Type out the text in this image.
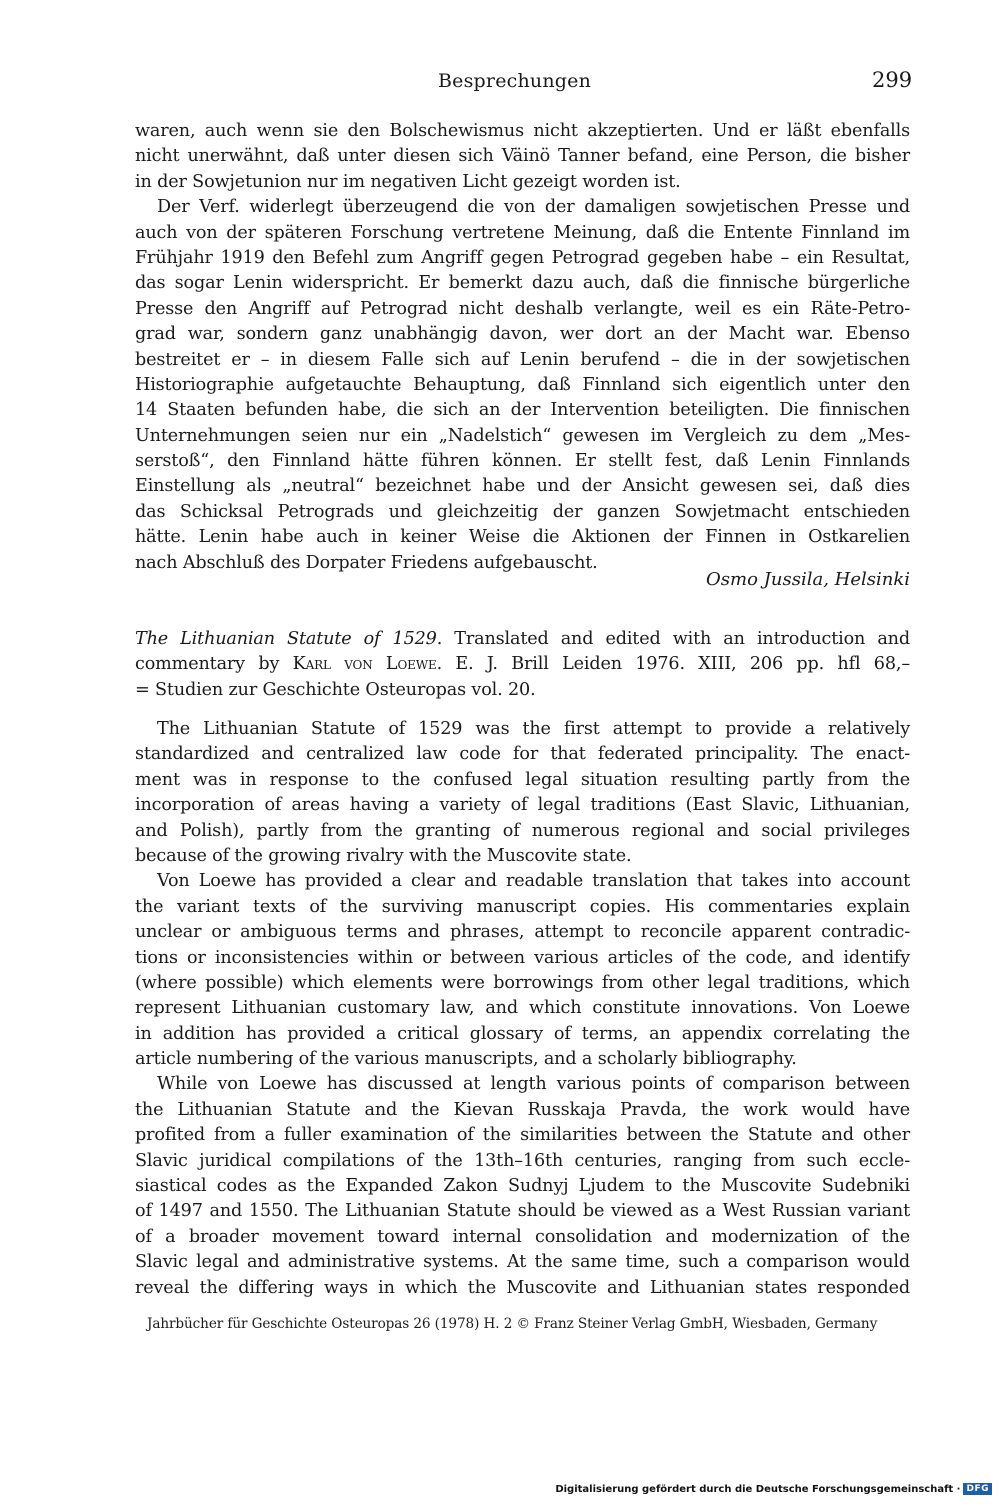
Besprechungen	299
waren, auch wenn sie den Bolschewismus nicht akzeptierten. Und er läßt ebenfalls
nicht unerwähnt, daß unter diesen sich Väinö Tanner befand, eine Person, die bisher
in der Sowjetunion nur im negativen Licht gezeigt worden ist.
Der Verf. widerlegt überzeugend die von der damaligen sowjetischen Presse und
auch von der späteren Forschung vertretene Meinung, daß die Entente Finnland im
Frühjahr 1919 den Befehl zum Angriff gegen Petrograd gegeben habe – ein Resultat,
das sogar Lenin widerspricht. Er bemerkt dazu auch, daß die finnische bürgerliche
Presse den Angriff auf Petrograd nicht deshalb verlangte, weil es ein Räte-Petro-
grad war, sondern ganz unabhängig davon, wer dort an der Macht war. Ebenso
bestreitet er – in diesem Falle sich auf Lenin berufend – die in der sowjetischen
Historiographie aufgetauchte Behauptung, daß Finnland sich eigentlich unter den
14 Staaten befunden habe, die sich an der Intervention beteiligten. Die finnischen
Unternehmungen seien nur ein „Nadelstich“ gewesen im Vergleich zu dem „Mes-
serstoß“, den Finnland hätte führen können. Er stellt fest, daß Lenin Finnlands
Einstellung als „neutral“ bezeichnet habe und der Ansicht gewesen sei, daß dies
das Schicksal Petrograds und gleichzeitig der ganzen Sowjetmacht entschieden
hätte. Lenin habe auch in keiner Weise die Aktionen der Finnen in Ostkarelien
nach Abschluß des Dorpater Friedens aufgebauscht.
Osmo Jussila, Helsinki
The Lithuanian Statute of 1529. Translated and edited with an introduction and
commentary by Karl von Loewe. E. J. Brill Leiden 1976. XIII, 206 pp. hfl 68,–
= Studien zur Geschichte Osteuropas vol. 20.
The Lithuanian Statute of 1529 was the first attempt to provide a relatively
standardized and centralized law code for that federated principality. The enact-
ment was in response to the confused legal situation resulting partly from the
incorporation of areas having a variety of legal traditions (East Slavic, Lithuanian,
and Polish), partly from the granting of numerous regional and social privileges
because of the growing rivalry with the Muscovite state.
Von Loewe has provided a clear and readable translation that takes into account
the variant texts of the surviving manuscript copies. His commentaries explain
unclear or ambiguous terms and phrases, attempt to reconcile apparent contradic-
tions or inconsistencies within or between various articles of the code, and identify
(where possible) which elements were borrowings from other legal traditions, which
represent Lithuanian customary law, and which constitute innovations. Von Loewe
in addition has provided a critical glossary of terms, an appendix correlating the
article numbering of the various manuscripts, and a scholarly bibliography.
While von Loewe has discussed at length various points of comparison between
the Lithuanian Statute and the Kievan Russkaja Pravda, the work would have
profited from a fuller examination of the similarities between the Statute and other
Slavic juridical compilations of the 13th–16th centuries, ranging from such eccle-
siastical codes as the Expanded Zakon Sudnyj Ljudem to the Muscovite Sudebniki
of 1497 and 1550. The Lithuanian Statute should be viewed as a West Russian variant
of a broader movement toward internal consolidation and modernization of the
Slavic legal and administrative systems. At the same time, such a comparison would
reveal the differing ways in which the Muscovite and Lithuanian states responded
Jahrbücher für Geschichte Osteuropas 26 (1978) H. 2 © Franz Steiner Verlag GmbH, Wiesbaden, Germany
Digitalisierung gefördert durch die Deutsche Forschungsgemeinschaft · DFG
